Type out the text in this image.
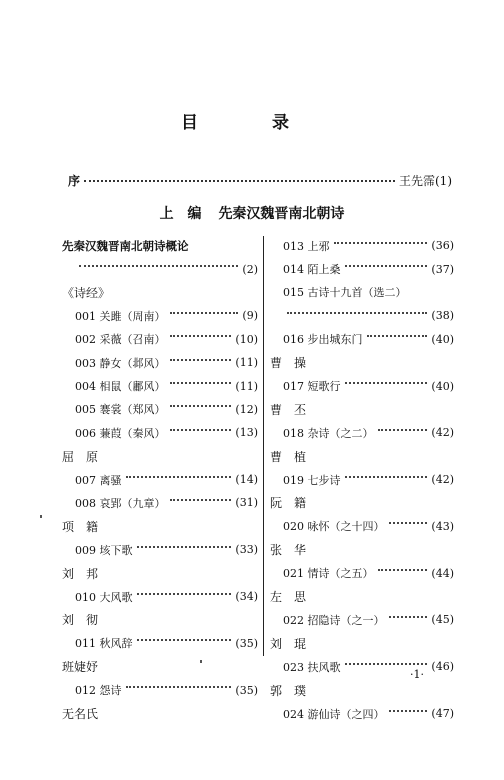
目 录
序	王先霈 (1)
上　编 先秦汉魏晋南北朝诗
先秦汉魏晋南北朝诗概论
(2)
《诗经》
001 关雎（周南）	(9)
002 采薇（召南）	(10)
003 静女（邶风）	(11)
004 相鼠（鄘风）	(11)
005 褰裳（郑风）	(12)
006 蒹葭（秦风）	(13)
屈　原
007 离骚	(14)
008 哀郢（九章）	(31)
项　籍
009 垓下歌	(33)
刘　邦
010 大风歌	(34)
刘　彻
011 秋风辞	(35)
班婕妤
012 怨诗	(35)
无名氏
013 上邪	(36)
014 陌上桑	(37)
015 古诗十九首（选二）
(38)
016 步出城东门	(40)
曹　操
017 短歌行	(40)
曹　丕
018 杂诗（之二）	(42)
曹　植
019 七步诗	(42)
阮　籍
020 咏怀（之十四）	(43)
张　华
021 情诗（之五）	(44)
左　思
022 招隐诗（之一）	(45)
刘　琨
023 扶风歌	(46)
郭　璞
024 游仙诗（之四）	(47)
·1·
